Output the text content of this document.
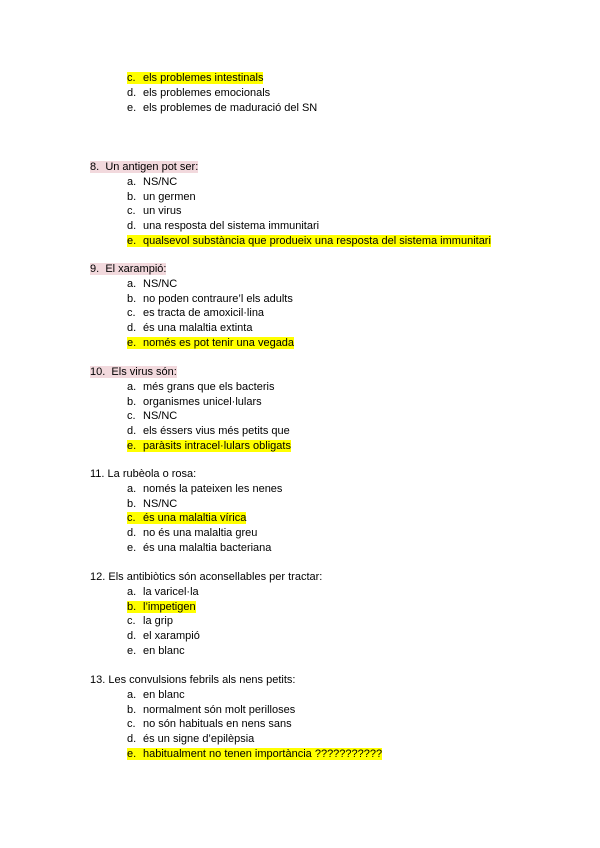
c. els problemes intestinals
d. els problemes emocionals
e. els problemes de maduració del SN
8. Un antigen pot ser:
a. NS/NC
b. un germen
c. un virus
d. una resposta del sistema immunitari
e. qualsevol substància que produeix una resposta del sistema immunitari
9. El xarampió:
a. NS/NC
b. no poden contraure’l els adults
c. es tracta de amoxicil·lina
d. és una malaltia extinta
e. només es pot tenir una vegada
10. Els virus són:
a. més grans que els bacteris
b. organismes unicel·lulars
c. NS/NC
d. els éssers vius més petits que
e. paràsits intracel·lulars obligats
11. La rubèola o rosa:
a. només la pateixen les nenes
b. NS/NC
c. és una malaltia vírica
d. no és una malaltia greu
e. és una malaltia bacteriana
12. Els antibiòtics són aconsellables per tractar:
a. la varicel·la
b. l’impetigen
c. la grip
d. el xarampió
e. en blanc
13. Les convulsions febrils als nens petits:
a. en blanc
b. normalment són molt perilloses
c. no són habituals en nens sans
d. és un signe d’epilèpsia
e. habitualment no tenen importància ???????????
